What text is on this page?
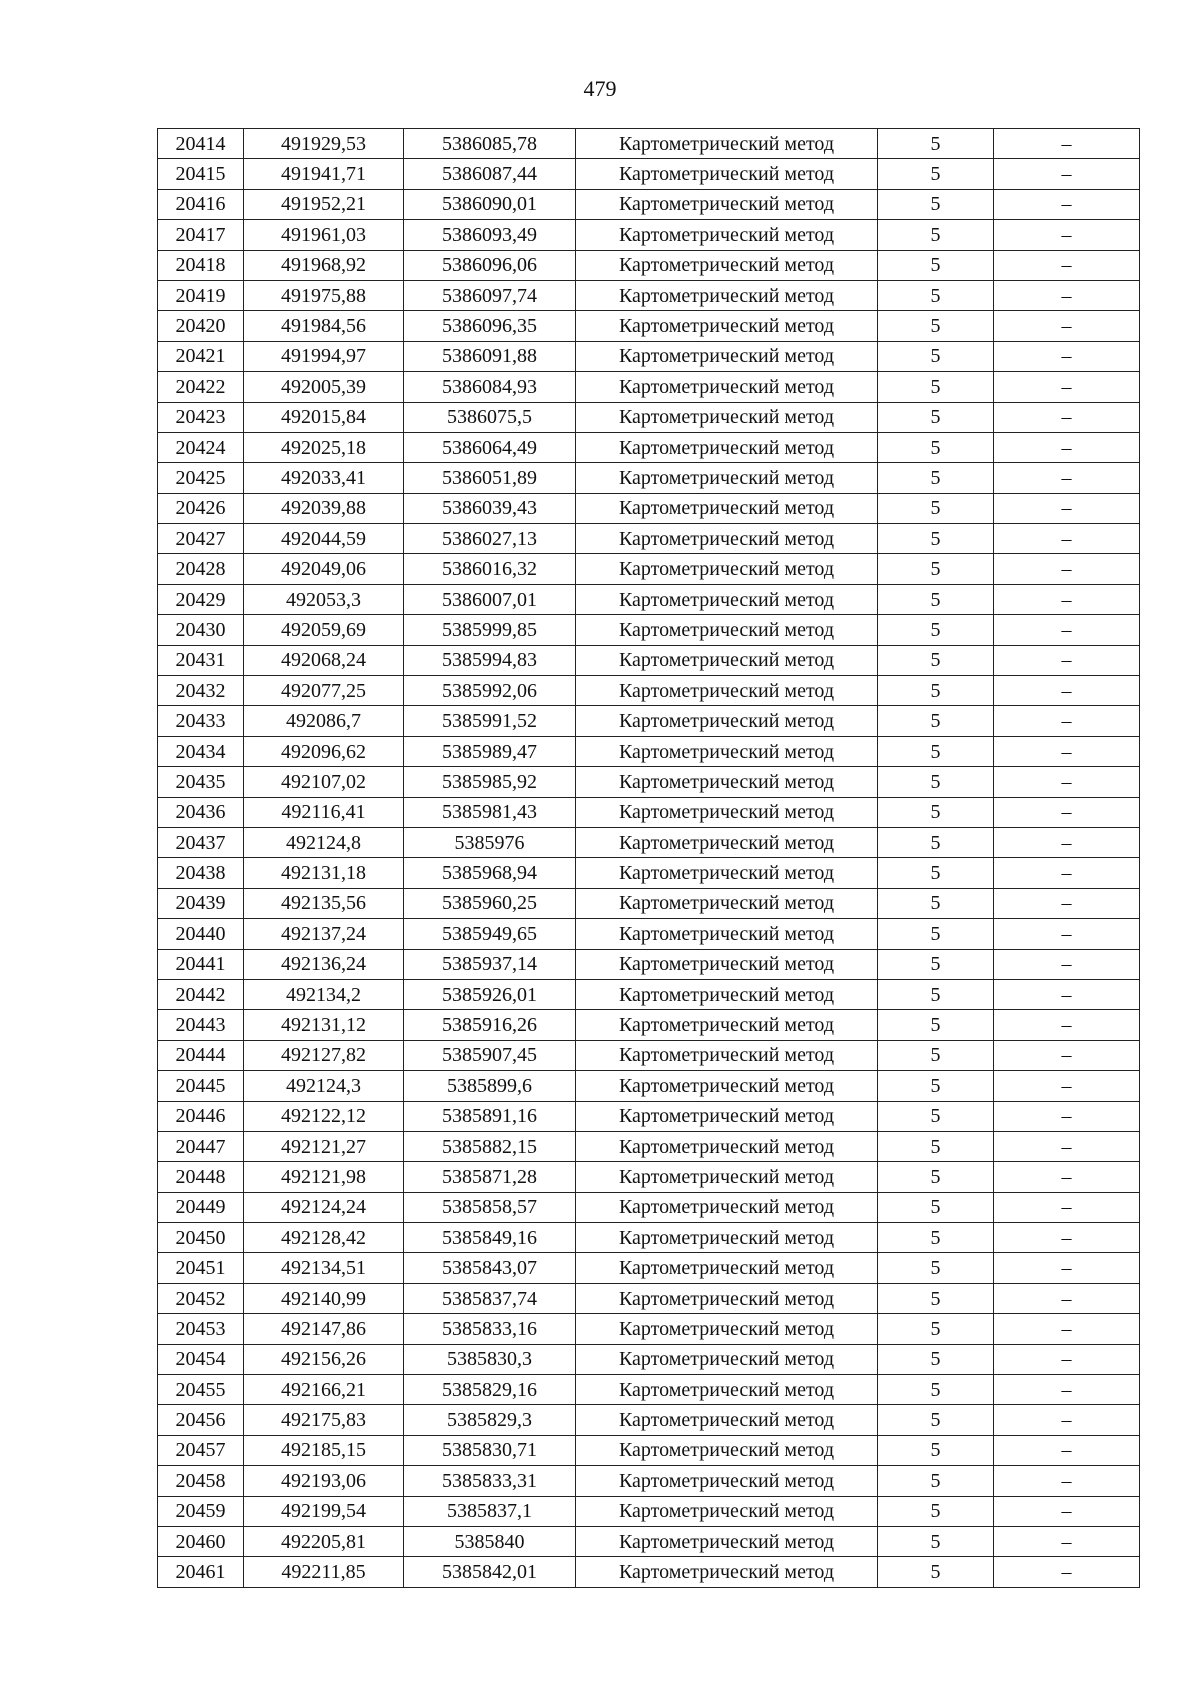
479
20414	491929,53	5386085,78	Картометрический метод	5	–
20415	491941,71	5386087,44	Картометрический метод	5	–
20416	491952,21	5386090,01	Картометрический метод	5	–
20417	491961,03	5386093,49	Картометрический метод	5	–
20418	491968,92	5386096,06	Картометрический метод	5	–
20419	491975,88	5386097,74	Картометрический метод	5	–
20420	491984,56	5386096,35	Картометрический метод	5	–
20421	491994,97	5386091,88	Картометрический метод	5	–
20422	492005,39	5386084,93	Картометрический метод	5	–
20423	492015,84	5386075,5	Картометрический метод	5	–
20424	492025,18	5386064,49	Картометрический метод	5	–
20425	492033,41	5386051,89	Картометрический метод	5	–
20426	492039,88	5386039,43	Картометрический метод	5	–
20427	492044,59	5386027,13	Картометрический метод	5	–
20428	492049,06	5386016,32	Картометрический метод	5	–
20429	492053,3	5386007,01	Картометрический метод	5	–
20430	492059,69	5385999,85	Картометрический метод	5	–
20431	492068,24	5385994,83	Картометрический метод	5	–
20432	492077,25	5385992,06	Картометрический метод	5	–
20433	492086,7	5385991,52	Картометрический метод	5	–
20434	492096,62	5385989,47	Картометрический метод	5	–
20435	492107,02	5385985,92	Картометрический метод	5	–
20436	492116,41	5385981,43	Картометрический метод	5	–
20437	492124,8	5385976	Картометрический метод	5	–
20438	492131,18	5385968,94	Картометрический метод	5	–
20439	492135,56	5385960,25	Картометрический метод	5	–
20440	492137,24	5385949,65	Картометрический метод	5	–
20441	492136,24	5385937,14	Картометрический метод	5	–
20442	492134,2	5385926,01	Картометрический метод	5	–
20443	492131,12	5385916,26	Картометрический метод	5	–
20444	492127,82	5385907,45	Картометрический метод	5	–
20445	492124,3	5385899,6	Картометрический метод	5	–
20446	492122,12	5385891,16	Картометрический метод	5	–
20447	492121,27	5385882,15	Картометрический метод	5	–
20448	492121,98	5385871,28	Картометрический метод	5	–
20449	492124,24	5385858,57	Картометрический метод	5	–
20450	492128,42	5385849,16	Картометрический метод	5	–
20451	492134,51	5385843,07	Картометрический метод	5	–
20452	492140,99	5385837,74	Картометрический метод	5	–
20453	492147,86	5385833,16	Картометрический метод	5	–
20454	492156,26	5385830,3	Картометрический метод	5	–
20455	492166,21	5385829,16	Картометрический метод	5	–
20456	492175,83	5385829,3	Картометрический метод	5	–
20457	492185,15	5385830,71	Картометрический метод	5	–
20458	492193,06	5385833,31	Картометрический метод	5	–
20459	492199,54	5385837,1	Картометрический метод	5	–
20460	492205,81	5385840	Картометрический метод	5	–
20461	492211,85	5385842,01	Картометрический метод	5	–
